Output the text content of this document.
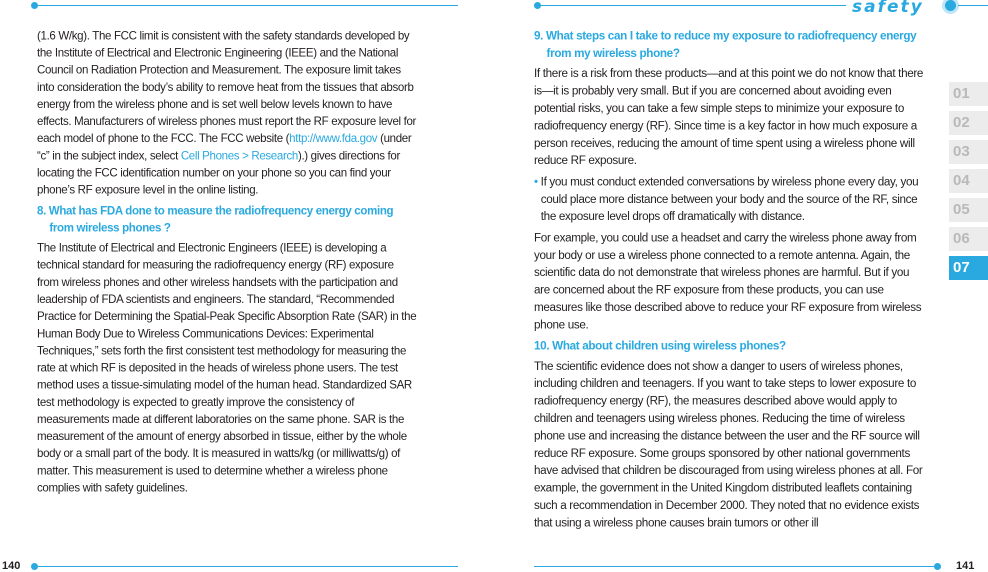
safety

(1.6 W/kg). The FCC limit is consistent with the safety standards developed by the Institute of Electrical and Electronic Engineering (IEEE) and the National Council on Radiation Protection and Measurement. The exposure limit takes into consideration the body’s ability to remove heat from the tissues that absorb energy from the wireless phone and is set well below levels known to have effects. Manufacturers of wireless phones must report the RF exposure level for each model of phone to the FCC. The FCC website (http://www.fda.gov (under “c” in the subject index, select Cell Phones > Research).) gives directions for locating the FCC identification number on your phone so you can find your phone’s RF exposure level in the online listing.

8. What has FDA done to measure the radiofrequency energy coming from wireless phones ?

The Institute of Electrical and Electronic Engineers (IEEE) is developing a technical standard for measuring the radiofrequency energy (RF) exposure from wireless phones and other wireless handsets with the participation and leadership of FDA scientists and engineers. The standard, “Recommended Practice for Determining the Spatial-Peak Specific Absorption Rate (SAR) in the Human Body Due to Wireless Communications Devices: Experimental Techniques,” sets forth the first consistent test methodology for measuring the rate at which RF is deposited in the heads of wireless phone users. The test method uses a tissue-simulating model of the human head. Standardized SAR test methodology is expected to greatly improve the consistency of measurements made at different laboratories on the same phone. SAR is the measurement of the amount of energy absorbed in tissue, either by the whole body or a small part of the body. It is measured in watts/kg (or milliwatts/g) of matter. This measurement is used to determine whether a wireless phone complies with safety guidelines.

9. What steps can I take to reduce my exposure to radiofrequency energy from my wireless phone?

If there is a risk from these products—and at this point we do not know that there is—it is probably very small. But if you are concerned about avoiding even potential risks, you can take a few simple steps to minimize your exposure to radiofrequency energy (RF). Since time is a key factor in how much exposure a person receives, reducing the amount of time spent using a wireless phone will reduce RF exposure.

• If you must conduct extended conversations by wireless phone every day, you could place more distance between your body and the source of the RF, since the exposure level drops off dramatically with distance.

For example, you could use a headset and carry the wireless phone away from your body or use a wireless phone connected to a remote antenna. Again, the scientific data do not demonstrate that wireless phones are harmful. But if you are concerned about the RF exposure from these products, you can use measures like those described above to reduce your RF exposure from wireless phone use.

10. What about children using wireless phones?

The scientific evidence does not show a danger to users of wireless phones, including children and teenagers. If you want to take steps to lower exposure to radiofrequency energy (RF), the measures described above would apply to children and teenagers using wireless phones. Reducing the time of wireless phone use and increasing the distance between the user and the RF source will reduce RF exposure. Some groups sponsored by other national governments have advised that children be discouraged from using wireless phones at all. For example, the government in the United Kingdom distributed leaflets containing such a recommendation in December 2000. They noted that no evidence exists that using a wireless phone causes brain tumors or other ill

01
02
03
04
05
06
07
140	141
